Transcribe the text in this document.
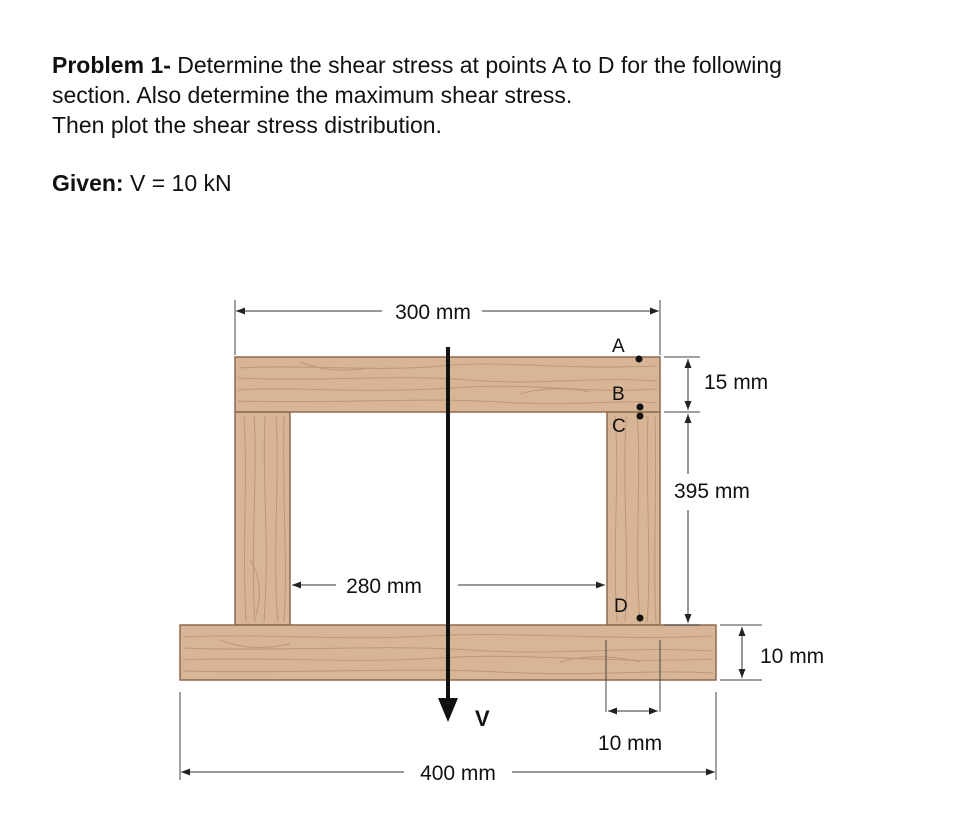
Problem 1- Determine the shear stress at points A to D for the following

section. Also determine the maximum shear stress.

Then plot the shear stress distribution.

Given: V = 10 kN
300 mm
280 mm
400 mm
10 mm
15 mm
395 mm
10 mm
V
A
B
C
D
